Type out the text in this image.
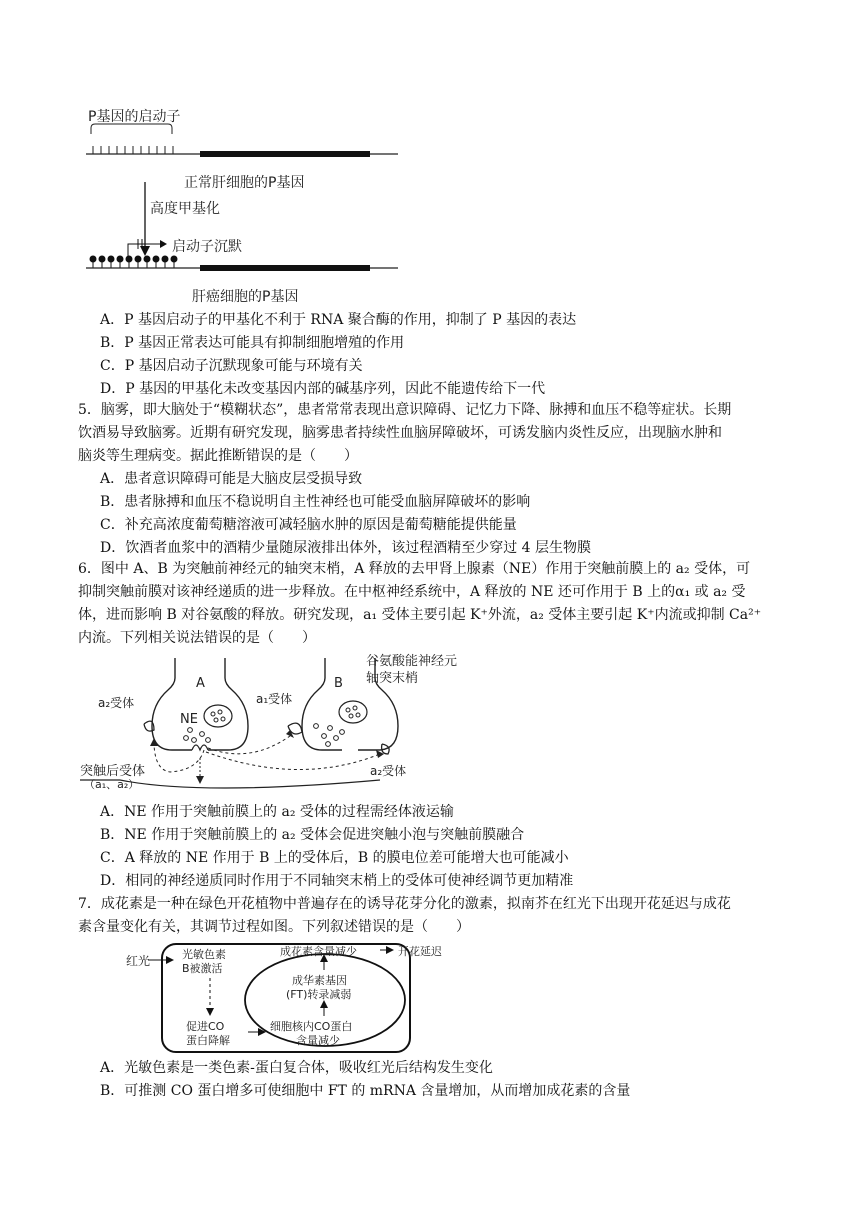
P基因的启动子
正常肝细胞的P基因
高度甲基化
启动子沉默
肝癌细胞的P基因
A．P 基因启动子的甲基化不利于 RNA 聚合酶的作用，抑制了 P 基因的表达
B．P 基因正常表达可能具有抑制细胞增殖的作用
C．P 基因启动子沉默现象可能与环境有关
D．P 基因的甲基化未改变基因内部的碱基序列，因此不能遗传给下一代
5．脑雾，即大脑处于“模糊状态”，患者常常表现出意识障碍、记忆力下降、脉搏和血压不稳等症状。长期
饮酒易导致脑雾。近期有研究发现，脑雾患者持续性血脑屏障破坏，可诱发脑内炎性反应，出现脑水肿和
脑炎等生理病变。据此推断错误的是（　　）
A．患者意识障碍可能是大脑皮层受损导致
B．患者脉搏和血压不稳说明自主性神经也可能受血脑屏障破坏的影响
C．补充高浓度葡萄糖溶液可减轻脑水肿的原因是葡萄糖能提供能量
D．饮酒者血浆中的酒精少量随尿液排出体外，该过程酒精至少穿过 4 层生物膜
6．图中 A、B 为突触前神经元的轴突末梢，A 释放的去甲肾上腺素（NE）作用于突触前膜上的 a₂ 受体，可
抑制突触前膜对该神经递质的进一步释放。在中枢神经系统中，A 释放的 NE 还可作用于 B 上的α₁ 或 a₂ 受
体，进而影响 B 对谷氨酸的释放。研究发现，a₁ 受体主要引起 K⁺外流，a₂ 受体主要引起 K⁺内流或抑制 Ca²⁺
内流。下列相关说法错误的是（　　）
谷氨酸能神经元
轴突末梢
A	B
NE
a₂受体	a₁受体
a₂受体
突触后受体
（a₁、a₂）
A．NE 作用于突触前膜上的 a₂ 受体的过程需经体液运输
B．NE 作用于突触前膜上的 a₂ 受体会促进突触小泡与突触前膜融合
C．A 释放的 NE 作用于 B 上的受体后，B 的膜电位差可能增大也可能减小
D．相同的神经递质同时作用于不同轴突末梢上的受体可使神经调节更加精准
7．成花素是一种在绿色开花植物中普遍存在的诱导花芽分化的激素，拟南芥在红光下出现开花延迟与成花
素含量变化有关，其调节过程如图。下列叙述错误的是（　　）
红光	光敏色素
B被激活
成花素含量减少	开花延迟
成华素基因
(FT)转录减弱
促进CO
蛋白降解
细胞核内CO蛋白
含量减少
A．光敏色素是一类色素-蛋白复合体，吸收红光后结构发生变化
B．可推测 CO 蛋白增多可使细胞中 FT 的 mRNA 含量增加，从而增加成花素的含量
